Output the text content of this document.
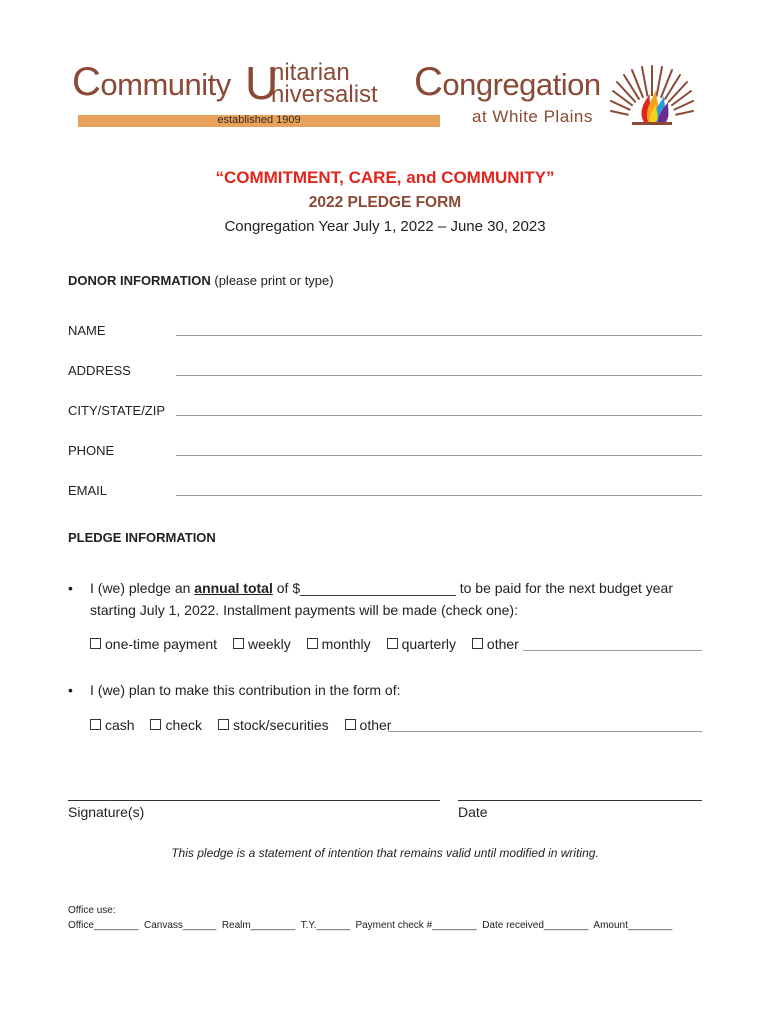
Community U
nitarian
niversalist Congregation
at White Plains
established 1909
“COMMITMENT, CARE, and COMMUNITY”
2022 PLEDGE FORM
Congregation Year July 1, 2022 – June 30, 2023
DONOR INFORMATION (please print or type)
NAME
ADDRESS
CITY/STATE/ZIP
PHONE
EMAIL
PLEDGE INFORMATION
• I (we) pledge an annual total of $____________________ to be paid for the next budget year
starting July 1, 2022. Installment payments will be made (check one):
one-time payment weekly monthly quarterly other
• I (we) plan to make this contribution in the form of:
cash check stock/securities other
Signature(s)	Date
This pledge is a statement of intention that remains valid until modified in writing.
Office use:
Office________  Canvass______  Realm________  T.Y.______  Payment check #________  Date received________  Amount________
